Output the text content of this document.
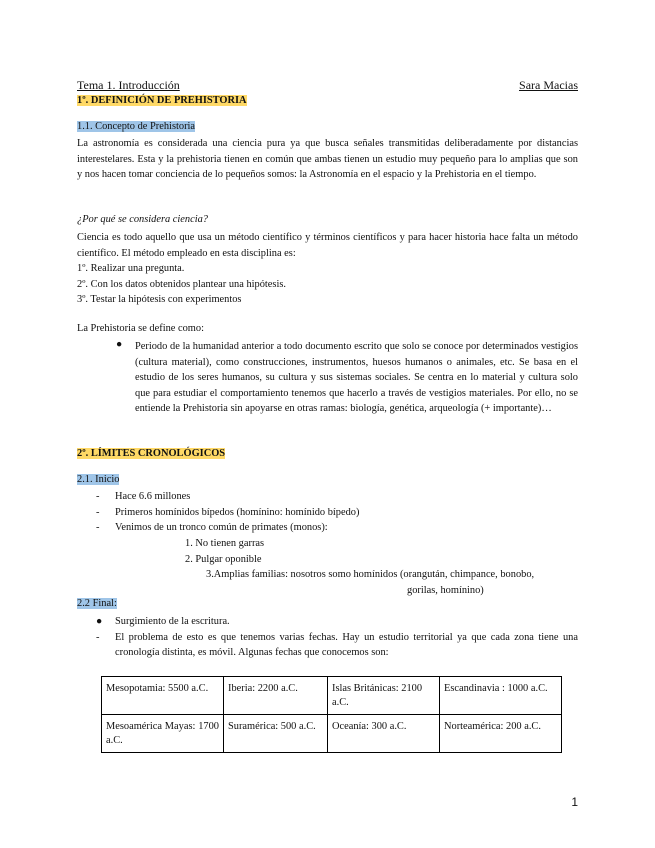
Tema 1. Introducción	Sara Macias
1º. DEFINICIÓN DE PREHISTORIA
1.1. Concepto de Prehistoria
La astronomía es considerada una ciencia pura ya que busca señales transmitidas deliberadamente por distancias interestelares. Esta y la prehistoria tienen en común que ambas tienen un estudio muy pequeño para lo amplias que son y nos hacen tomar conciencia de lo pequeños somos: la Astronomía en el espacio y la Prehistoria en el tiempo.
¿Por qué se considera ciencia?
Ciencia es todo aquello que usa un método científico y términos científicos y para hacer historia hace falta un método científico. El método empleado en esta disciplina es:
1º. Realizar una pregunta.
2º. Con los datos obtenidos plantear una hipótesis.
3º. Testar la hipótesis con experimentos
La Prehistoria se define como:
● Periodo de la humanidad anterior a todo documento escrito que solo se conoce por determinados vestigios (cultura material), como construcciones, instrumentos, huesos humanos o animales, etc. Se basa en el estudio de los seres humanos, su cultura y sus sistemas sociales. Se centra en lo material y cultura solo que para estudiar el comportamiento tenemos que hacerlo a través de vestigios materiales. Por ello, no se entiende la Prehistoria sin apoyarse en otras ramas: biología, genética, arqueología (+ importante)…
2º. LÍMITES CRONOLÓGICOS
2.1. Inicio
- Hace 6.6 millones
- Primeros homínidos bípedos (homínino: homínido bípedo)
- Venimos de un tronco común de primates (monos):
1. No tienen garras
2. Pulgar oponible
3.Amplias familias: nosotros somo homínidos (orangután, chimpance, bonobo,
gorilas, homínino)
2.2 Final:
● Surgimiento de la escritura.
- El problema de esto es que tenemos varias fechas. Hay un estudio territorial ya que cada zona tiene una cronología distinta, es móvil. Algunas fechas que conocemos son:
Mesopotamia: 5500 a.C.	Iberia: 2200 a.C.	Islas Británicas: 2100 a.C.	Escandinavia : 1000 a.C.
Mesoamérica Mayas: 1700 a.C.	Suramérica: 500 a.C.	Oceanía: 300 a.C.	Norteamérica: 200 a.C.
1
